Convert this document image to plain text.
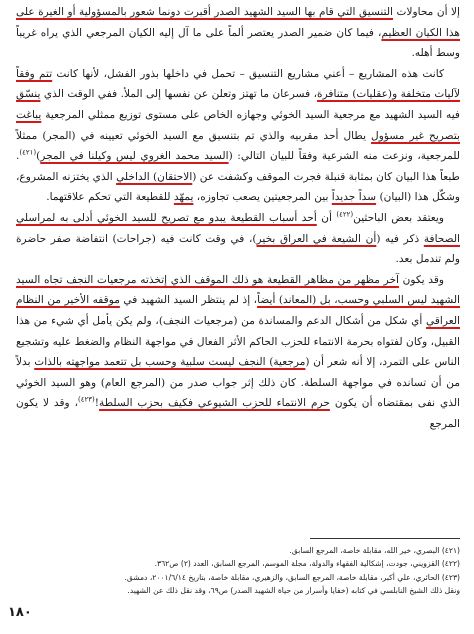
إلا أن محاولات التنسيق التي قام بها السيد الشهيد الصدر أقبرت دونما شعور بالمسؤولية أو الغيرة على هذا الكيان العظيم، فيما كان ضمير الصدر يعتصر ألماً على ما آل إليه الكيان المرجعي الذي يراه غريباً وسط أهله.

كانت هذه المشاريع – أعني مشاريع التنسيق – تحمل في داخلها بذور الفشل، لأنها كانت تتم وفقاً لآليات متخلفة و(عقليات) متنافرة، فسرعان ما تهتز وتعلن عن نفسها إلى الملأ. ففي الوقت الذي ينسّق فيه السيد الشهيد مع مرجعية السيد الخوئي وجهازه الخاص على مستوى توزيع ممثلي المرجعية يباغت بتصريح غير مسؤول يطال أحد مقربيه والذي تم بتنسيق مع السيد الخوئي تعيينه في (المجر) ممثلاً للمرجعية، ونزعت منه الشرعية وفقاً للبيان التالي: (السيد محمد الغروي ليس وكيلنا في المجر)$^{(٤٢١)}$. طبعاً هذا البيان كان بمثابة قنبلة فجرت الموقف وكشفت عن (الاحتقان) الداخلي الذي يختزنه المشروع، وشكّل هذا (البيان) سداً جديداً بين المرجعيتين يصعب تجاوزه، يمهّد للقطيعة التي تحكم علاقتهما.

ويعتقد بعض الباحثين$^{(٤٢٢)}$ أن أحد أسباب القطيعة يبدو مع تصريح للسيد الخوئي أدلى به لمراسلي الصحافة ذكر فيه (أن الشيعة في العراق بخير)، في وقت كانت فيه (جراحات) انتفاضة صفر حاضرة ولم تندمل بعد.

وقد يكون آخر مظهر من مظاهر القطيعة هو ذلك الموقف الذي إتخذته مرجعيات النجف تجاه السيد الشهيد ليس السلبي وحسب، بل (المعاند) أيضاً، إذ لم ينتظر السيد الشهيد في موقفه الأخير من النظام العراقي أي شكل من أشكال الدعم والمساندة من (مرجعيات النجف)، ولم يكن يأمل أي شيء من هذا القبيل، وكان لفتواه بحرمة الانتماء للحزب الحاكم الأثر الفعال في مواجهة النظام والضغط عليه وتشجيع الناس على التمرد، إلا أنه شعر أن (مرجعية) النجف ليست سلبية وحسب بل تتعمد مواجهته بالذات بدلاً من أن تسانده في مواجهة السلطة. كان ذلك إثر جواب صدر من (المرجع العام) وهو السيد الخوئي الذي نفى بمقتضاه أن يكون حرم الانتماء للحزب الشيوعي فكيف بحزب السلطة!$^{(٤٢٣)}$، وقد لا يكون المرجع

(٤٢١) البصري، خير الله، مقابلة خاصة، المرجع السابق.

(٤٢٢) القزويني، جودت، إشكالية الفقهاء والدولة، مجلة الموسم، المرجع السابق، العدد (٢) ص٣٦٢.

(٤٢٣) الحائري، علي أكبر، مقابلة خاصة، المرجع السابق، والزهيري، مقابلة خاصة، بتاريخ ٢٠٠١/٦/١٤، دمشق.

ونقل ذلك الشيخ النابلسي في كتابه (خفايا وأسرار من حياة الشهيد الصدر) ص٦٩، وقد نقل ذلك عن الشهيد.

١٨٠
